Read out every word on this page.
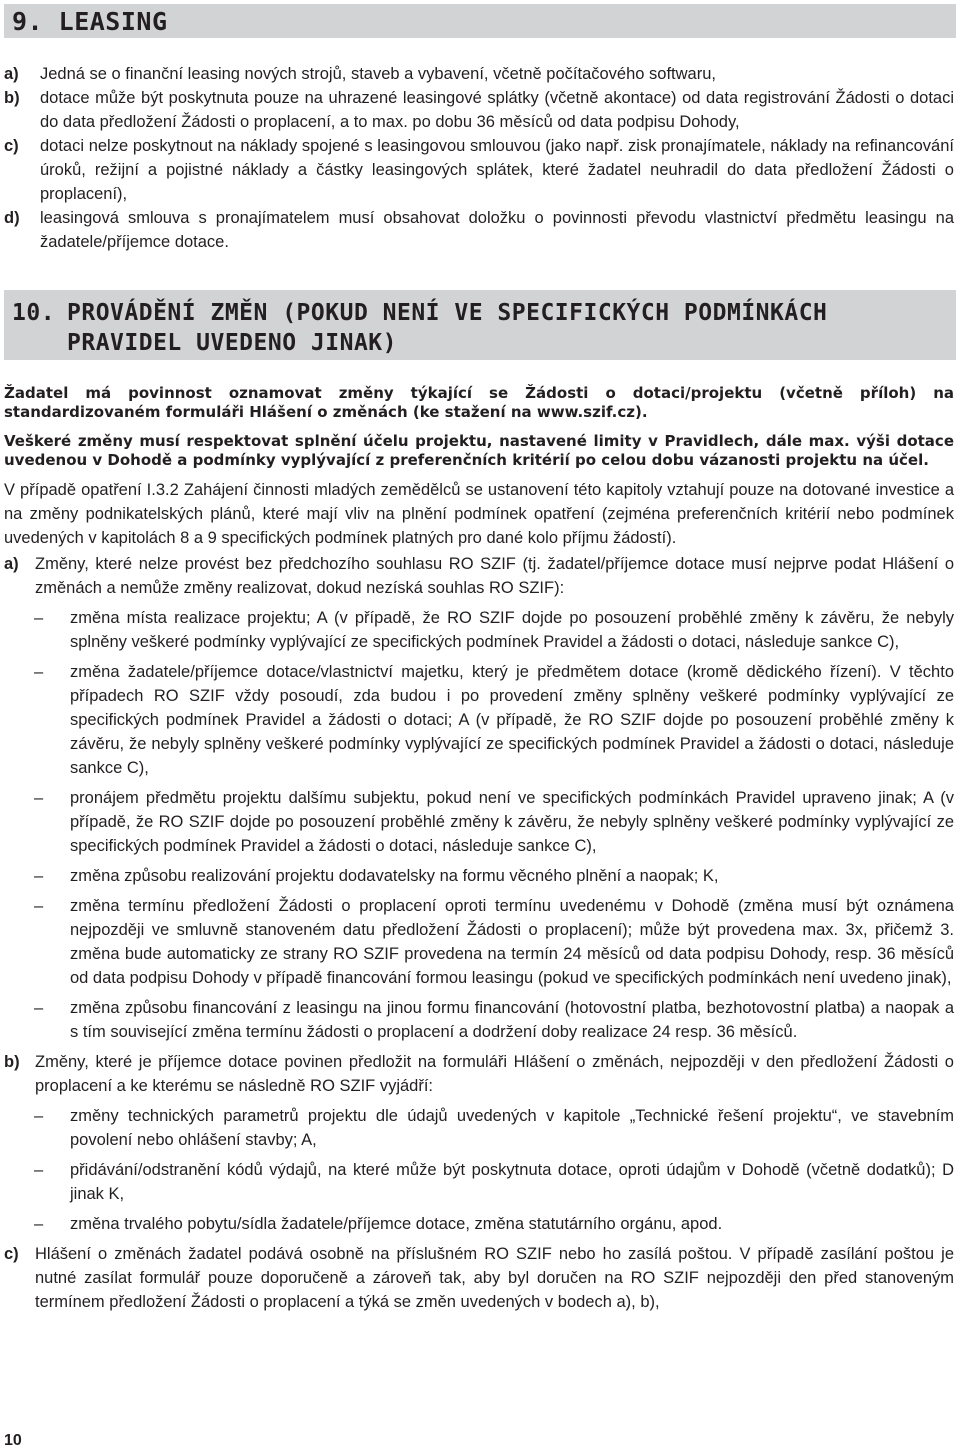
9. LEASING
a) Jedná se o finanční leasing nových strojů, staveb a vybavení, včetně počítačového softwaru,
b) dotace může být poskytnuta pouze na uhrazené leasingové splátky (včetně akontace) od data registrování Žádosti o dotaci do data předložení Žádosti o proplacení, a to max. po dobu 36 měsíců od data podpisu Dohody,
c) dotaci nelze poskytnout na náklady spojené s leasingovou smlouvou (jako např. zisk pronajímatele, náklady na refinancování úroků, režijní a pojistné náklady a částky leasingových splátek, které žadatel neuhradil do data předložení Žádosti o proplacení),
d) leasingová smlouva s pronajímatelem musí obsahovat doložku o povinnosti převodu vlastnictví předmětu leasingu na žadatele/příjemce dotace.
10. PROVÁDĚNÍ ZMĚN (POKUD NENÍ VE SPECIFICKÝCH PODMÍNKÁCH
PRAVIDEL UVEDENO JINAK)
Žadatel má povinnost oznamovat změny týkající se Žádosti o dotaci/projektu (včetně příloh) na standardizovaném formuláři Hlášení o změnách (ke stažení na www.szif.cz).
Veškeré změny musí respektovat splnění účelu projektu, nastavené limity v Pravidlech, dále max. výši dotace uvedenou v Dohodě a podmínky vyplývající z preferenčních kritérií po celou dobu vázanosti projektu na účel.
V případě opatření I.3.2 Zahájení činnosti mladých zemědělců se ustanovení této kapitoly vztahují pouze na dotované investice a na změny podnikatelských plánů, které mají vliv na plnění podmínek opatření (zejména preferenčních kritérií nebo podmínek uvedených v kapitolách 8 a 9 specifických podmínek platných pro dané kolo příjmu žádostí).
a) Změny, které nelze provést bez předchozího souhlasu RO SZIF (tj. žadatel/příjemce dotace musí nejprve podat Hlášení o změnách a nemůže změny realizovat, dokud nezíská souhlas RO SZIF):
– změna místa realizace projektu; A (v případě, že RO SZIF dojde po posouzení proběhlé změny k závěru, že nebyly splněny veškeré podmínky vyplývající ze specifických podmínek Pravidel a žádosti o dotaci, následuje sankce C),
– změna žadatele/příjemce dotace/vlastnictví majetku, který je předmětem dotace (kromě dědického řízení). V těchto případech RO SZIF vždy posoudí, zda budou i po provedení změny splněny veškeré podmínky vyplývající ze specifických podmínek Pravidel a žádosti o dotaci; A (v případě, že RO SZIF dojde po posouzení proběhlé změny k závěru, že nebyly splněny veškeré podmínky vyplývající ze specifických podmínek Pravidel a žádosti o dotaci, následuje sankce C),
– pronájem předmětu projektu dalšímu subjektu, pokud není ve specifických podmínkách Pravidel upraveno jinak; A (v případě, že RO SZIF dojde po posouzení proběhlé změny k závěru, že nebyly splněny veškeré podmínky vyplývající ze specifických podmínek Pravidel a žádosti o dotaci, následuje sankce C),
– změna způsobu realizování projektu dodavatelsky na formu věcného plnění a naopak; K,
– změna termínu předložení Žádosti o proplacení oproti termínu uvedenému v Dohodě (změna musí být oznámena nejpozději ve smluvně stanoveném datu předložení Žádosti o proplacení); může být provedena max. 3x, přičemž 3. změna bude automaticky ze strany RO SZIF provedena na termín 24 měsíců od data podpisu Dohody, resp. 36 měsíců od data podpisu Dohody v případě financování formou leasingu (pokud ve specifických podmínkách není uvedeno jinak),
– změna způsobu financování z leasingu na jinou formu financování (hotovostní platba, bezhotovostní platba) a naopak a s tím související změna termínu žádosti o proplacení a dodržení doby realizace 24 resp. 36 měsíců.
b) Změny, které je příjemce dotace povinen předložit na formuláři Hlášení o změnách, nejpozději v den předložení Žádosti o proplacení a ke kterému se následně RO SZIF vyjádří:
– změny technických parametrů projektu dle údajů uvedených v kapitole „Technické řešení projektu“, ve stavebním povolení nebo ohlášení stavby; A,
– přidávání/odstranění kódů výdajů, na které může být poskytnuta dotace, oproti údajům v Dohodě (včetně dodatků); D jinak K,
– změna trvalého pobytu/sídla žadatele/příjemce dotace, změna statutárního orgánu, apod.
c) Hlášení o změnách žadatel podává osobně na příslušném RO SZIF nebo ho zasílá poštou. V případě zasílání poštou je nutné zasílat formulář pouze doporučeně a zároveň tak, aby byl doručen na RO SZIF nejpozději den před stanoveným termínem předložení Žádosti o proplacení a týká se změn uvedených v bodech a), b),
10
